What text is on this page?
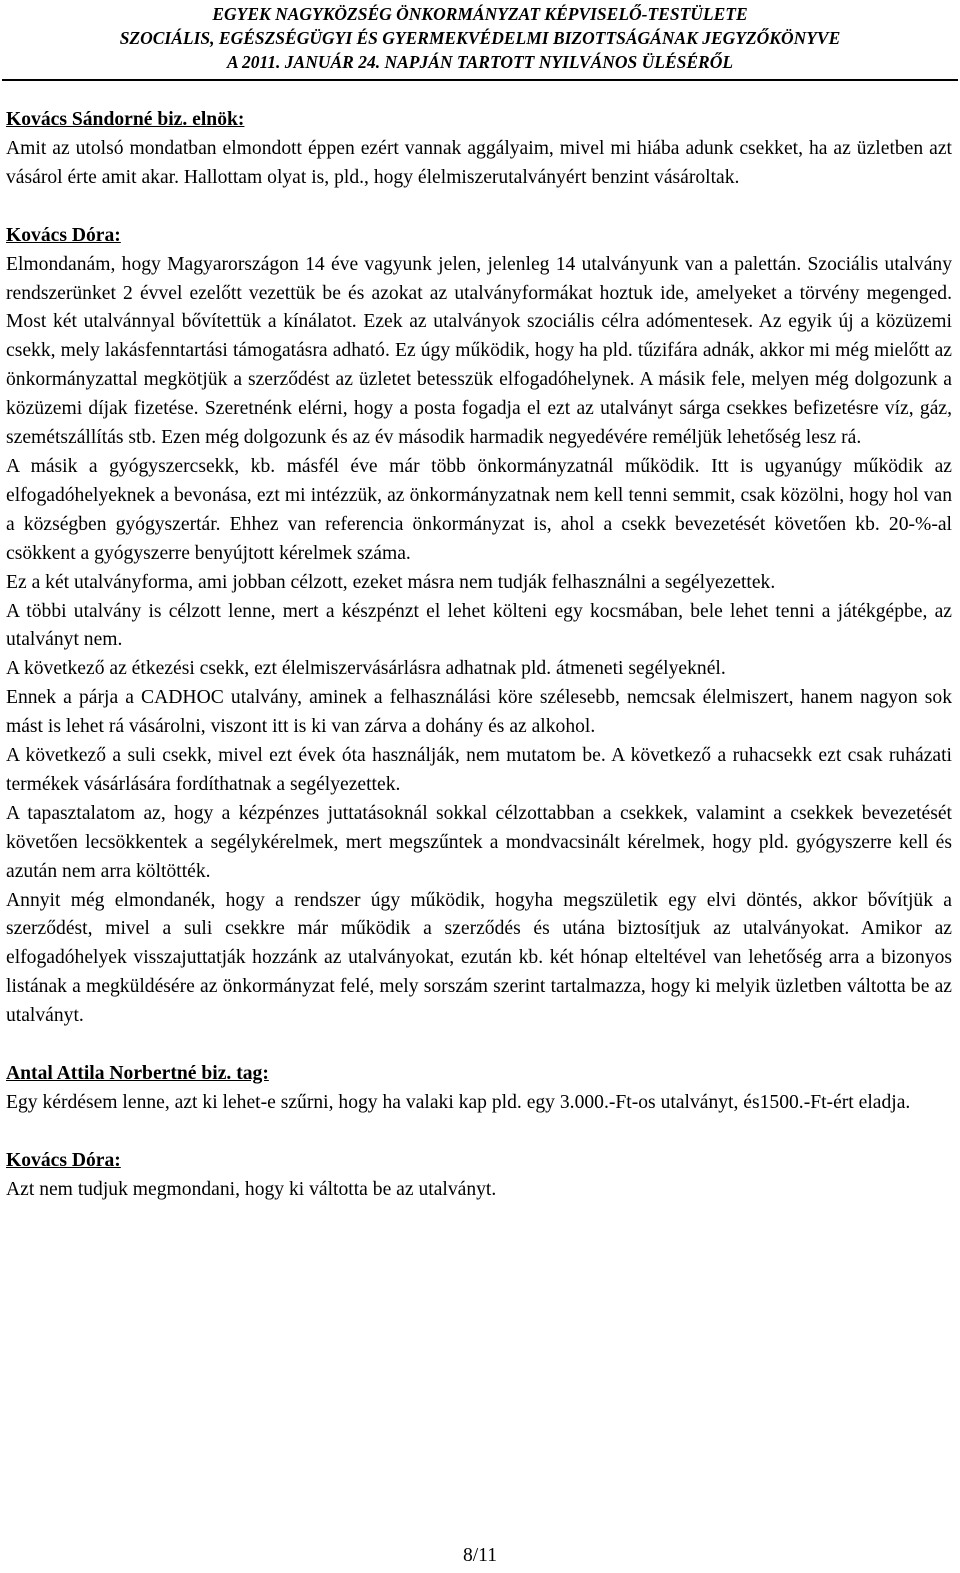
EGYEK NAGYKÖZSÉG ÖNKORMÁNYZAT KÉPVISELŐ-TESTÜLETE
SZOCIÁLIS, EGÉSZSÉGÜGYI ÉS GYERMEKVÉDELMI BIZOTTSÁGÁNAK JEGYZŐKÖNYVE
A 2011. JANUÁR 24. NAPJÁN TARTOTT NYILVÁNOS ÜLÉSÉRŐL
Kovács Sándorné biz. elnök:

Amit az utolsó mondatban elmondott éppen ezért vannak aggályaim, mivel mi hiába adunk csekket, ha az üzletben azt vásárol érte amit akar. Hallottam olyat is, pld., hogy élelmiszerutalványért benzint vásároltak.

Kovács Dóra:

Elmondanám, hogy Magyarországon 14 éve vagyunk jelen, jelenleg 14 utalványunk van a palettán. Szociális utalvány rendszerünket 2 évvel ezelőtt vezettük be és azokat az utalványformákat hoztuk ide, amelyeket a törvény megenged. Most két utalvánnyal bővítettük a kínálatot. Ezek az utalványok szociális célra adómentesek. Az egyik új a közüzemi csekk, mely lakásfenntartási támogatásra adható. Ez úgy működik, hogy ha pld. tűzifára adnák, akkor mi még mielőtt az önkormányzattal megkötjük a szerződést az üzletet betesszük elfogadóhelynek. A másik fele, melyen még dolgozunk a közüzemi díjak fizetése. Szeretnénk elérni, hogy a posta fogadja el ezt az utalványt sárga csekkes befizetésre víz, gáz, szemétszállítás stb. Ezen még dolgozunk és az év második harmadik negyedévére reméljük lehetőség lesz rá.

A másik a gyógyszercsekk, kb. másfél éve már több önkormányzatnál működik. Itt is ugyanúgy működik az elfogadóhelyeknek a bevonása, ezt mi intézzük, az önkormányzatnak nem kell tenni semmit, csak közölni, hogy hol van a községben gyógyszertár. Ehhez van referencia önkormányzat is, ahol a csekk bevezetését követően kb. 20-%-al csökkent a gyógyszerre benyújtott kérelmek száma.

Ez a két utalványforma, ami jobban célzott, ezeket másra nem tudják felhasználni a segélyezettek.

A többi utalvány is célzott lenne, mert a készpénzt el lehet költeni egy kocsmában, bele lehet tenni a játékgépbe, az utalványt nem.

A következő az étkezési csekk, ezt élelmiszervásárlásra adhatnak pld. átmeneti segélyeknél.

Ennek a párja a CADHOC utalvány, aminek a felhasználási köre szélesebb, nemcsak élelmiszert, hanem nagyon sok mást is lehet rá vásárolni, viszont itt is ki van zárva a dohány és az alkohol.

A következő a suli csekk, mivel ezt évek óta használják, nem mutatom be. A következő a ruhacsekk ezt csak ruházati termékek vásárlására fordíthatnak a segélyezettek.

A tapasztalatom az, hogy a kézpénzes juttatásoknál sokkal célzottabban a csekkek, valamint a csekkek bevezetését követően lecsökkentek a segélykérelmek, mert megszűntek a mondvacsinált kérelmek, hogy pld. gyógyszerre kell és azután nem arra költötték.

Annyit még elmondanék, hogy a rendszer úgy működik, hogyha megszületik egy elvi döntés, akkor bővítjük a szerződést, mivel a suli csekkre már működik a szerződés és utána biztosítjuk az utalványokat. Amikor az elfogadóhelyek visszajuttatják hozzánk az utalványokat, ezután kb. két hónap elteltével van lehetőség arra a bizonyos listának a megküldésére az önkormányzat felé, mely sorszám szerint tartalmazza, hogy ki melyik üzletben váltotta be az utalványt.

Antal Attila Norbertné biz. tag:

Egy kérdésem lenne, azt ki lehet-e szűrni, hogy ha valaki kap pld. egy 3.000.-Ft-os utalványt, és1500.-Ft-ért eladja.

Kovács Dóra:

Azt nem tudjuk megmondani, hogy ki váltotta be az utalványt.

8/11
